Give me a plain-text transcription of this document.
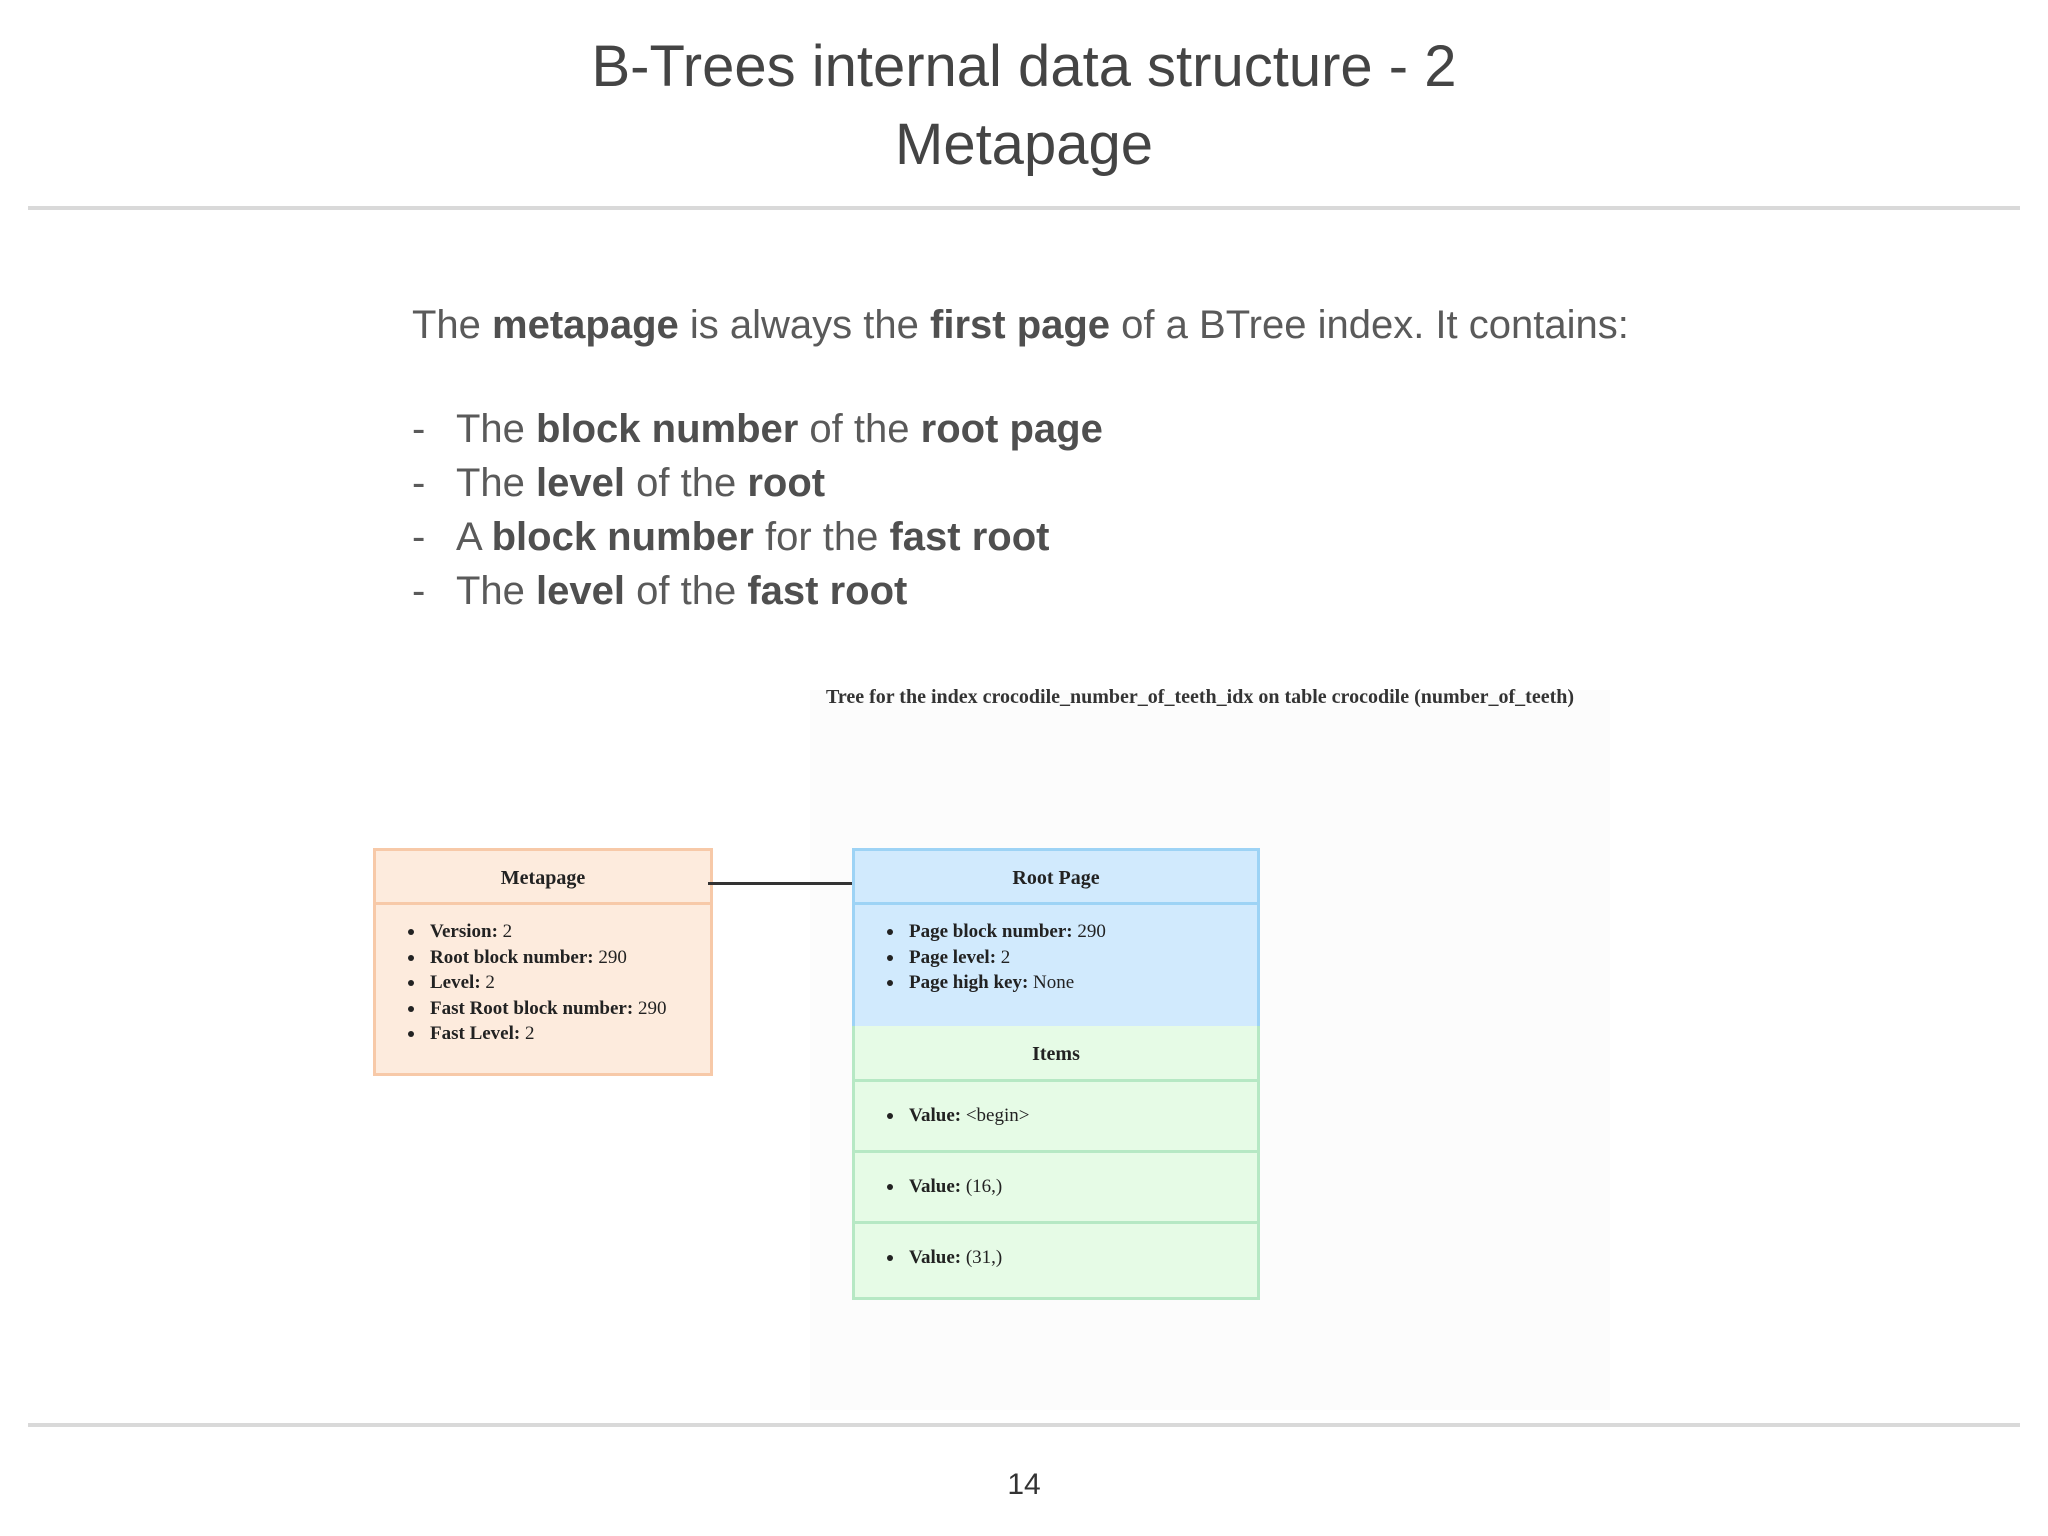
B-Trees internal data structure - 2
Metapage
The metapage is always the first page of a BTree index. It contains:
- The block number of the root page
- The level of the root
- A block number for the fast root
- The level of the fast root
Tree for the index crocodile_number_of_teeth_idx on table crocodile (number_of_teeth)
Metapage
Version: 2
Root block number: 290
Level: 2
Fast Root block number: 290
Fast Level: 2
Root Page
Page block number: 290
Page level: 2
Page high key: None
Items
Value: <begin>
Value: (16,)
Value: (31,)
14
